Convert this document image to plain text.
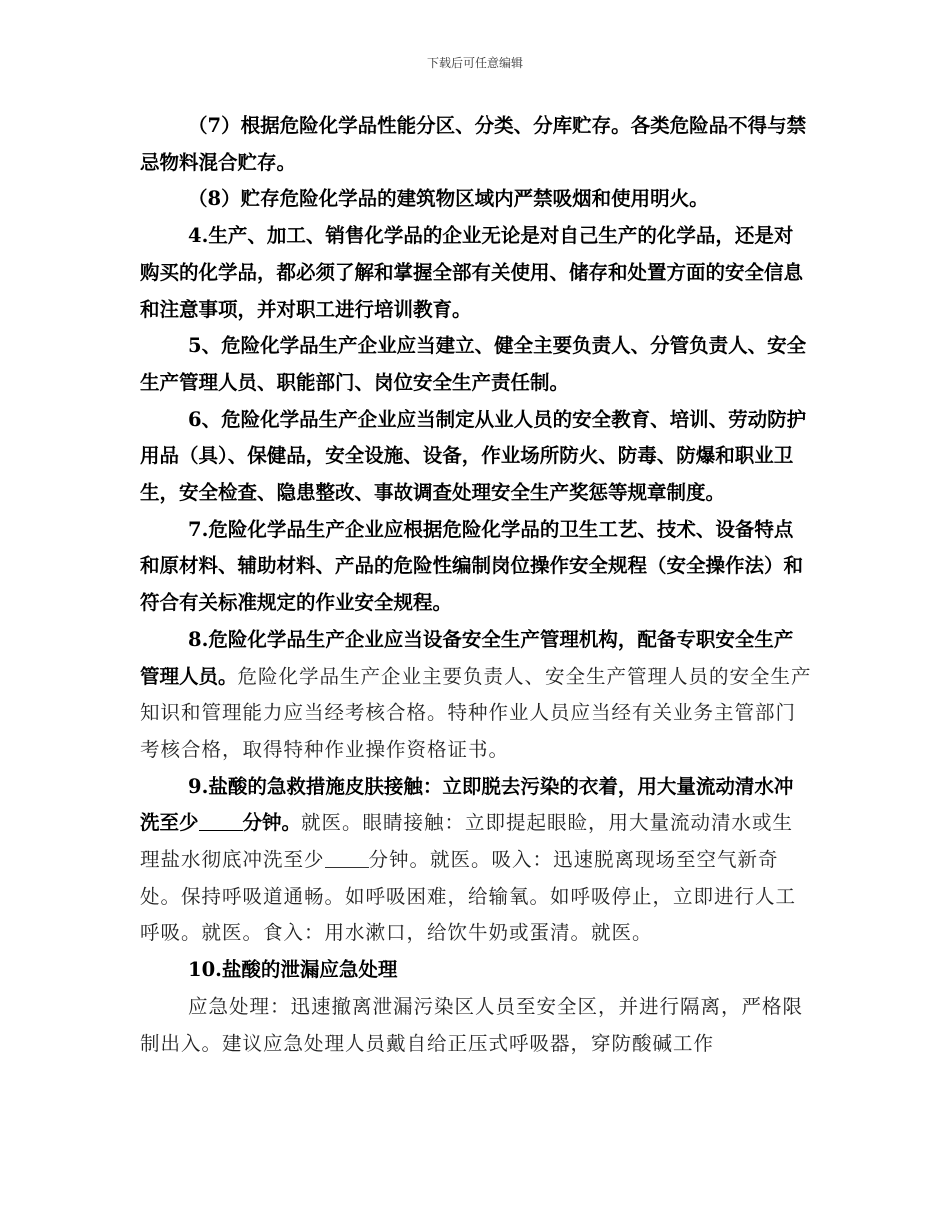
下载后可任意编辑

（7）根据危险化学品性能分区、分类、分库贮存。各类危险品不得与禁忌物料混合贮存。

（8）贮存危险化学品的建筑物区域内严禁吸烟和使用明火。

4.生产、加工、销售化学品的企业无论是对自己生产的化学品，还是对购买的化学品，都必须了解和掌握全部有关使用、储存和处置方面的安全信息和注意事项，并对职工进行培训教育。

5、危险化学品生产企业应当建立、健全主要负责人、分管负责人、安全生产管理人员、职能部门、岗位安全生产责任制。

6、危险化学品生产企业应当制定从业人员的安全教育、培训、劳动防护用品（具）、保健品，安全设施、设备，作业场所防火、防毒、防爆和职业卫生，安全检查、隐患整改、事故调查处理安全生产奖惩等规章制度。

7.危险化学品生产企业应根据危险化学品的卫生工艺、技术、设备特点和原材料、辅助材料、产品的危险性编制岗位操作安全规程（安全操作法）和符合有关标准规定的作业安全规程。

8.危险化学品生产企业应当设备安全生产管理机构，配备专职安全生产管理人员。危险化学品生产企业主要负责人、安全生产管理人员的安全生产知识和管理能力应当经考核合格。特种作业人员应当经有关业务主管部门考核合格，取得特种作业操作资格证书。

9.盐酸的急救措施皮肤接触：立即脱去污染的衣着，用大量流动清水冲洗至少 分钟。就医。眼睛接触：立即提起眼睑，用大量流动清水或生理盐水彻底冲洗至少 分钟。就医。吸入：迅速脱离现场至空气新奇处。保持呼吸道通畅。如呼吸困难，给输氧。如呼吸停止，立即进行人工呼吸。就医。食入：用水漱口，给饮牛奶或蛋清。就医。

10.盐酸的泄漏应急处理

应急处理：迅速撤离泄漏污染区人员至安全区，并进行隔离，严格限制出入。建议应急处理人员戴自给正压式呼吸器，穿防酸碱工作
